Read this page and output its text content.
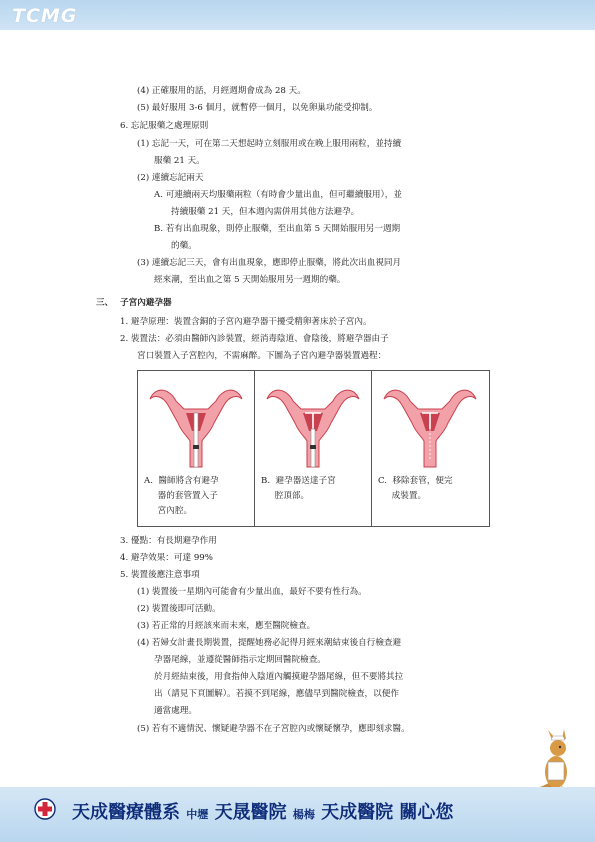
TCMG
(4) 正確服用的話，月經週期會成為 28 天。
(5) 最好服用 3-6 個月，就暫停一個月，以免卵巢功能受抑制。
6. 忘記服藥之處理原則
(1) 忘記一天，可在第二天想起時立刻服用或在晚上服用兩粒，並持續
服藥 21 天。
(2) 連續忘記兩天
A. 可連續兩天均服藥兩粒（有時會少量出血，但可繼續服用），並
持續服藥 21 天，但本週內需併用其他方法避孕。
B. 若有出血現象，則停止服藥，至出血第 5 天開始服用另一週期
的藥。
(3) 連續忘記三天，會有出血現象，應即停止服藥，將此次出血視同月
經來潮，至出血之第 5 天開始服用另一週期的藥。
三、 子宮內避孕器
1. 避孕原理：裝置含銅的子宮內避孕器干擾受精卵著床於子宮內。
2. 裝置法：必須由醫師內診裝置，經消毒陰道、會陰後，將避孕器由子
宮口裝置入子宮腔內，不需麻醉。下圖為子宮內避孕器裝置過程：
A.  醫師將含有避孕
器的套管置入子
宮內腔。
B.  避孕器送達子宮
腔頂部。
C.  移除套管，便完
成裝置。
3. 優點：有長期避孕作用
4. 避孕效果：可達 99%
5. 裝置後應注意事項
(1) 裝置後一星期內可能會有少量出血，最好不要有性行為。
(2) 裝置後即可活動。
(3) 若正常的月經該來而未來，應至醫院檢查。
(4) 若婦女計畫長期裝置，提醒她務必記得月經來潮結束後自行檢查避
孕器尾線，並遵從醫師指示定期回醫院檢查。
於月經結束後，用食指伸入陰道內觸摸避孕器尾線，但不要將其拉
出（請見下頁圖解）。若摸不到尾線，應儘早到醫院檢查，以便作
適當處理。
(5) 若有不適情況、懷疑避孕器不在子宮腔內或懷疑懷孕，應即刻求醫。
天成醫療體系 中壢 天晟醫院 楊梅 天成醫院 關心您
